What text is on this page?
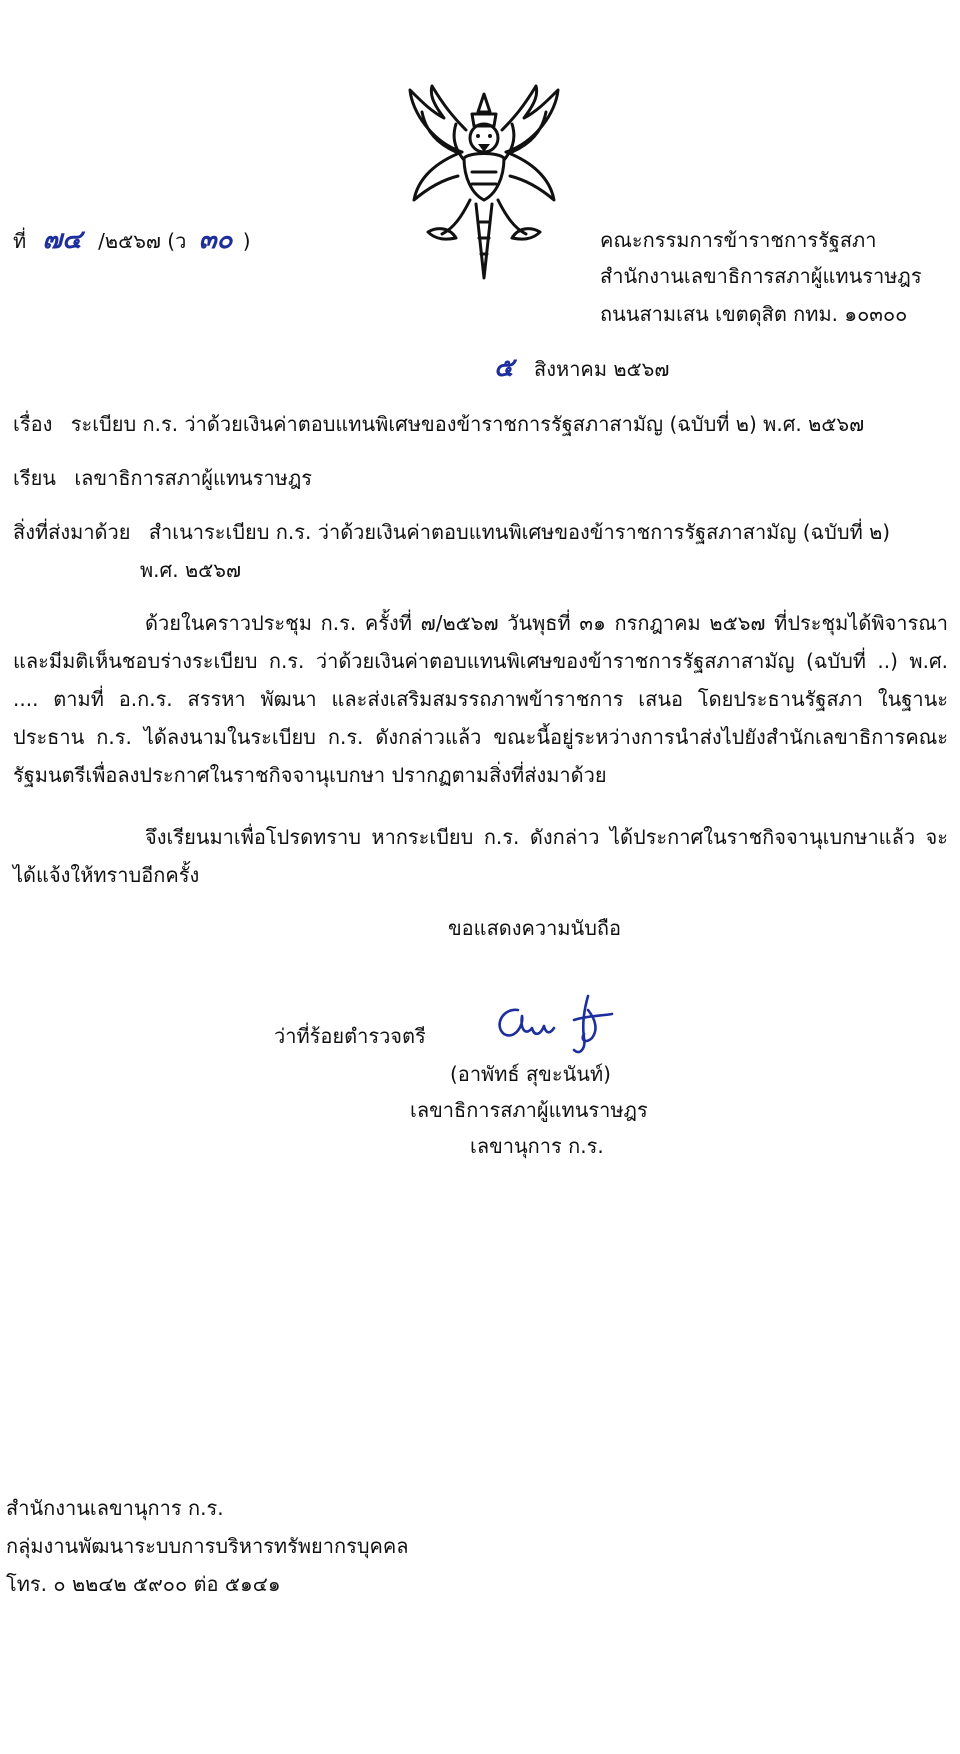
ที่ ๗๔ /๒๕๖๗ (ว ๓๐ )	คณะกรรมการข้าราชการรัฐสภา
สำนักงานเลขาธิการสภาผู้แทนราษฎร
ถนนสามเสน เขตดุสิต กทม. ๑๐๓๐๐
๕ สิงหาคม ๒๕๖๗
เรื่อง ระเบียบ ก.ร. ว่าด้วยเงินค่าตอบแทนพิเศษของข้าราชการรัฐสภาสามัญ (ฉบับที่ ๒) พ.ศ. ๒๕๖๗
เรียน เลขาธิการสภาผู้แทนราษฎร
สิ่งที่ส่งมาด้วย สำเนาระเบียบ ก.ร. ว่าด้วยเงินค่าตอบแทนพิเศษของข้าราชการรัฐสภาสามัญ (ฉบับที่ ๒)
พ.ศ. ๒๕๖๗
ด้วยในคราวประชุม ก.ร. ครั้งที่ ๗/๒๕๖๗ วันพุธที่ ๓๑ กรกฎาคม ๒๕๖๗ ที่ประชุมได้พิจารณา และมีมติเห็นชอบร่างระเบียบ ก.ร. ว่าด้วยเงินค่าตอบแทนพิเศษของข้าราชการรัฐสภาสามัญ (ฉบับที่ ..) พ.ศ. .... ตามที่ อ.ก.ร. สรรหา พัฒนา และส่งเสริมสมรรถภาพข้าราชการ เสนอ โดยประธานรัฐสภา ในฐานะประธาน ก.ร. ได้ลงนามในระเบียบ ก.ร. ดังกล่าวแล้ว ขณะนี้อยู่ระหว่างการนำส่งไปยังสำนักเลขาธิการคณะรัฐมนตรีเพื่อลงประกาศในราชกิจจานุเบกษา ปรากฏตามสิ่งที่ส่งมาด้วย
จึงเรียนมาเพื่อโปรดทราบ หากระเบียบ ก.ร. ดังกล่าว ได้ประกาศในราชกิจจานุเบกษาแล้ว จะได้แจ้งให้ทราบอีกครั้ง
ขอแสดงความนับถือ
ว่าที่ร้อยตำรวจตรี
(อาพัทธ์ สุขะนันท์)
เลขาธิการสภาผู้แทนราษฎร
เลขานุการ ก.ร.
สำนักงานเลขานุการ ก.ร.
กลุ่มงานพัฒนาระบบการบริหารทรัพยากรบุคคล
โทร. ๐ ๒๒๔๒ ๕๙๐๐ ต่อ ๕๑๔๑
